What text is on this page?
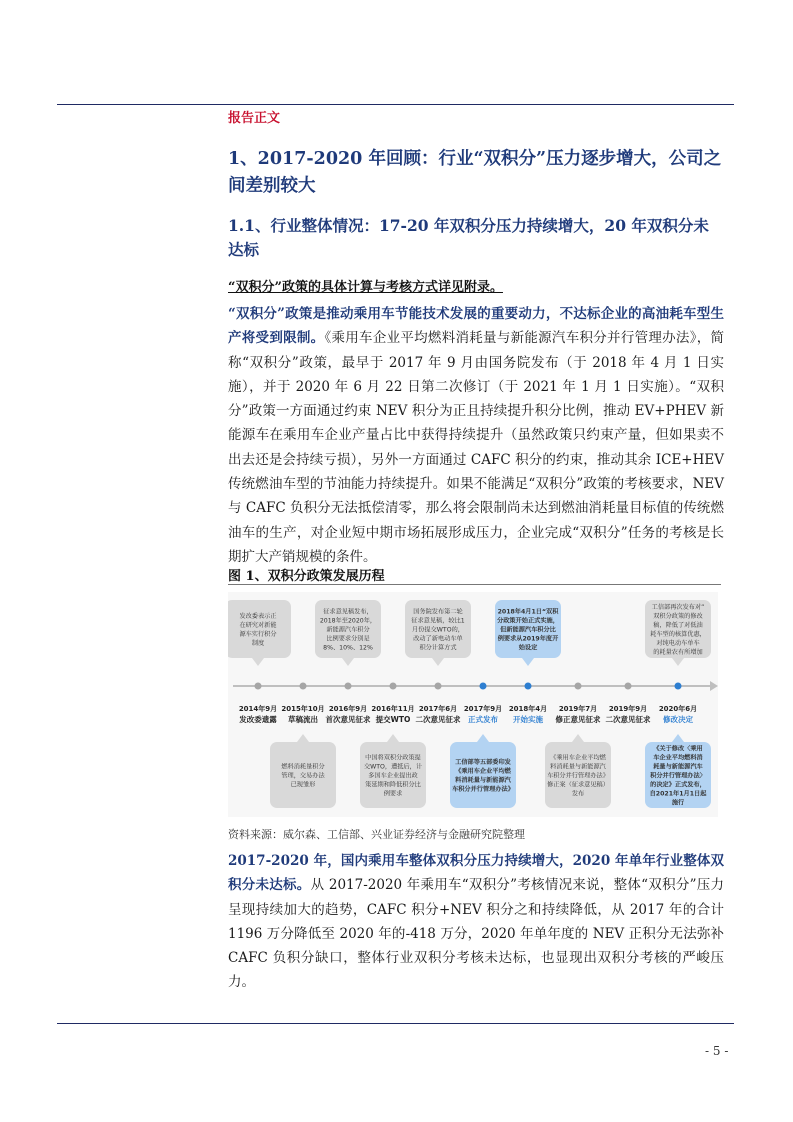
报告正文
1、2017-2020 年回顾：行业“双积分”压力逐步增大，公司之间差别较大
1.1、行业整体情况：17-20 年双积分压力持续增大，20 年双积分未达标
“双积分”政策的具体计算与考核方式详见附录。
“双积分”政策是推动乘用车节能技术发展的重要动力，不达标企业的高油耗车型生产将受到限制。《乘用车企业平均燃料消耗量与新能源汽车积分并行管理办法》，简称“双积分”政策，最早于 2017 年 9 月由国务院发布（于 2018 年 4 月 1 日实施），并于 2020 年 6 月 22 日第二次修订（于 2021 年 1 月 1 日实施）。“双积分”政策一方面通过约束 NEV 积分为正且持续提升积分比例，推动 EV+PHEV 新能源车在乘用车企业产量占比中获得持续提升（虽然政策只约束产量，但如果卖不出去还是会持续亏损），另外一方面通过 CAFC 积分的约束，推动其余 ICE+HEV 传统燃油车型的节油能力持续提升。如果不能满足“双积分”政策的考核要求，NEV 与 CAFC 负积分无法抵偿清零，那么将会限制尚未达到燃油消耗量目标值的传统燃油车的生产，对企业短中期市场拓展形成压力，企业完成“双积分”任务的考核是长期扩大产销规模的条件。
图 1、双积分政策发展历程
2014年9月
发改委遗露
2015年10月
草稿流出
2016年9月
首次意见征求
2016年11月
提交WTO
2017年6月
二次意见征求
2017年9月
正式发布
2018年4月
开始实施
2019年7月
修正意见征求
2019年9月
二次意见征求
2020年6月
修改决定
发改委表示正
在研究对新能
源车实行积分
制度
征求意见稿发布，
2018年至2020年，
新能源汽车积分
比例要求分别是
8%、10%、12%
国务院发布第二轮
征求意见稿，较比1
月份提交WTO的，
改动了新电动车单
积分计算方式
2018年4月1日“双积
分政策开始正式实施，
但新能源汽车积分比
例要求从2019年度开
始设定
工信部再次发布对”
双积分政策的修改
稿，降低了对低油
耗车型的核算优惠，
对纯电动车单车
的耗量农有所增加
燃料消耗量积分
管理，交易办法
已现雏形
中国将双积分政策提
交WTO，遭抵后，计
多国车企业提出政
策延期和降低积分比
例要求
工信部等五部委印发
《乘用车企业平均燃
料消耗量与新能源汽
车积分并行管理办法》
《乘用车企业平均燃
料消耗量与新能源汽
车积分并行管理办法》
修正案（征求意见稿）
发布
《关于修改〈乘用
车企业平均燃料消
耗量与新能源汽车
积分并行管理办法〉
的决定》正式发布，
自2021年1月1日起
施行
资料来源：威尔森、工信部、兴业证券经济与金融研究院整理
2017-2020 年，国内乘用车整体双积分压力持续增大，2020 年单年行业整体双积分未达标。从 2017-2020 年乘用车“双积分”考核情况来说，整体“双积分”压力呈现持续加大的趋势，CAFC 积分+NEV 积分之和持续降低，从 2017 年的合计 1196 万分降低至 2020 年的-418 万分，2020 年单年度的 NEV 正积分无法弥补 CAFC 负积分缺口，整体行业双积分考核未达标，也显现出双积分考核的严峻压力。
- 5 -
